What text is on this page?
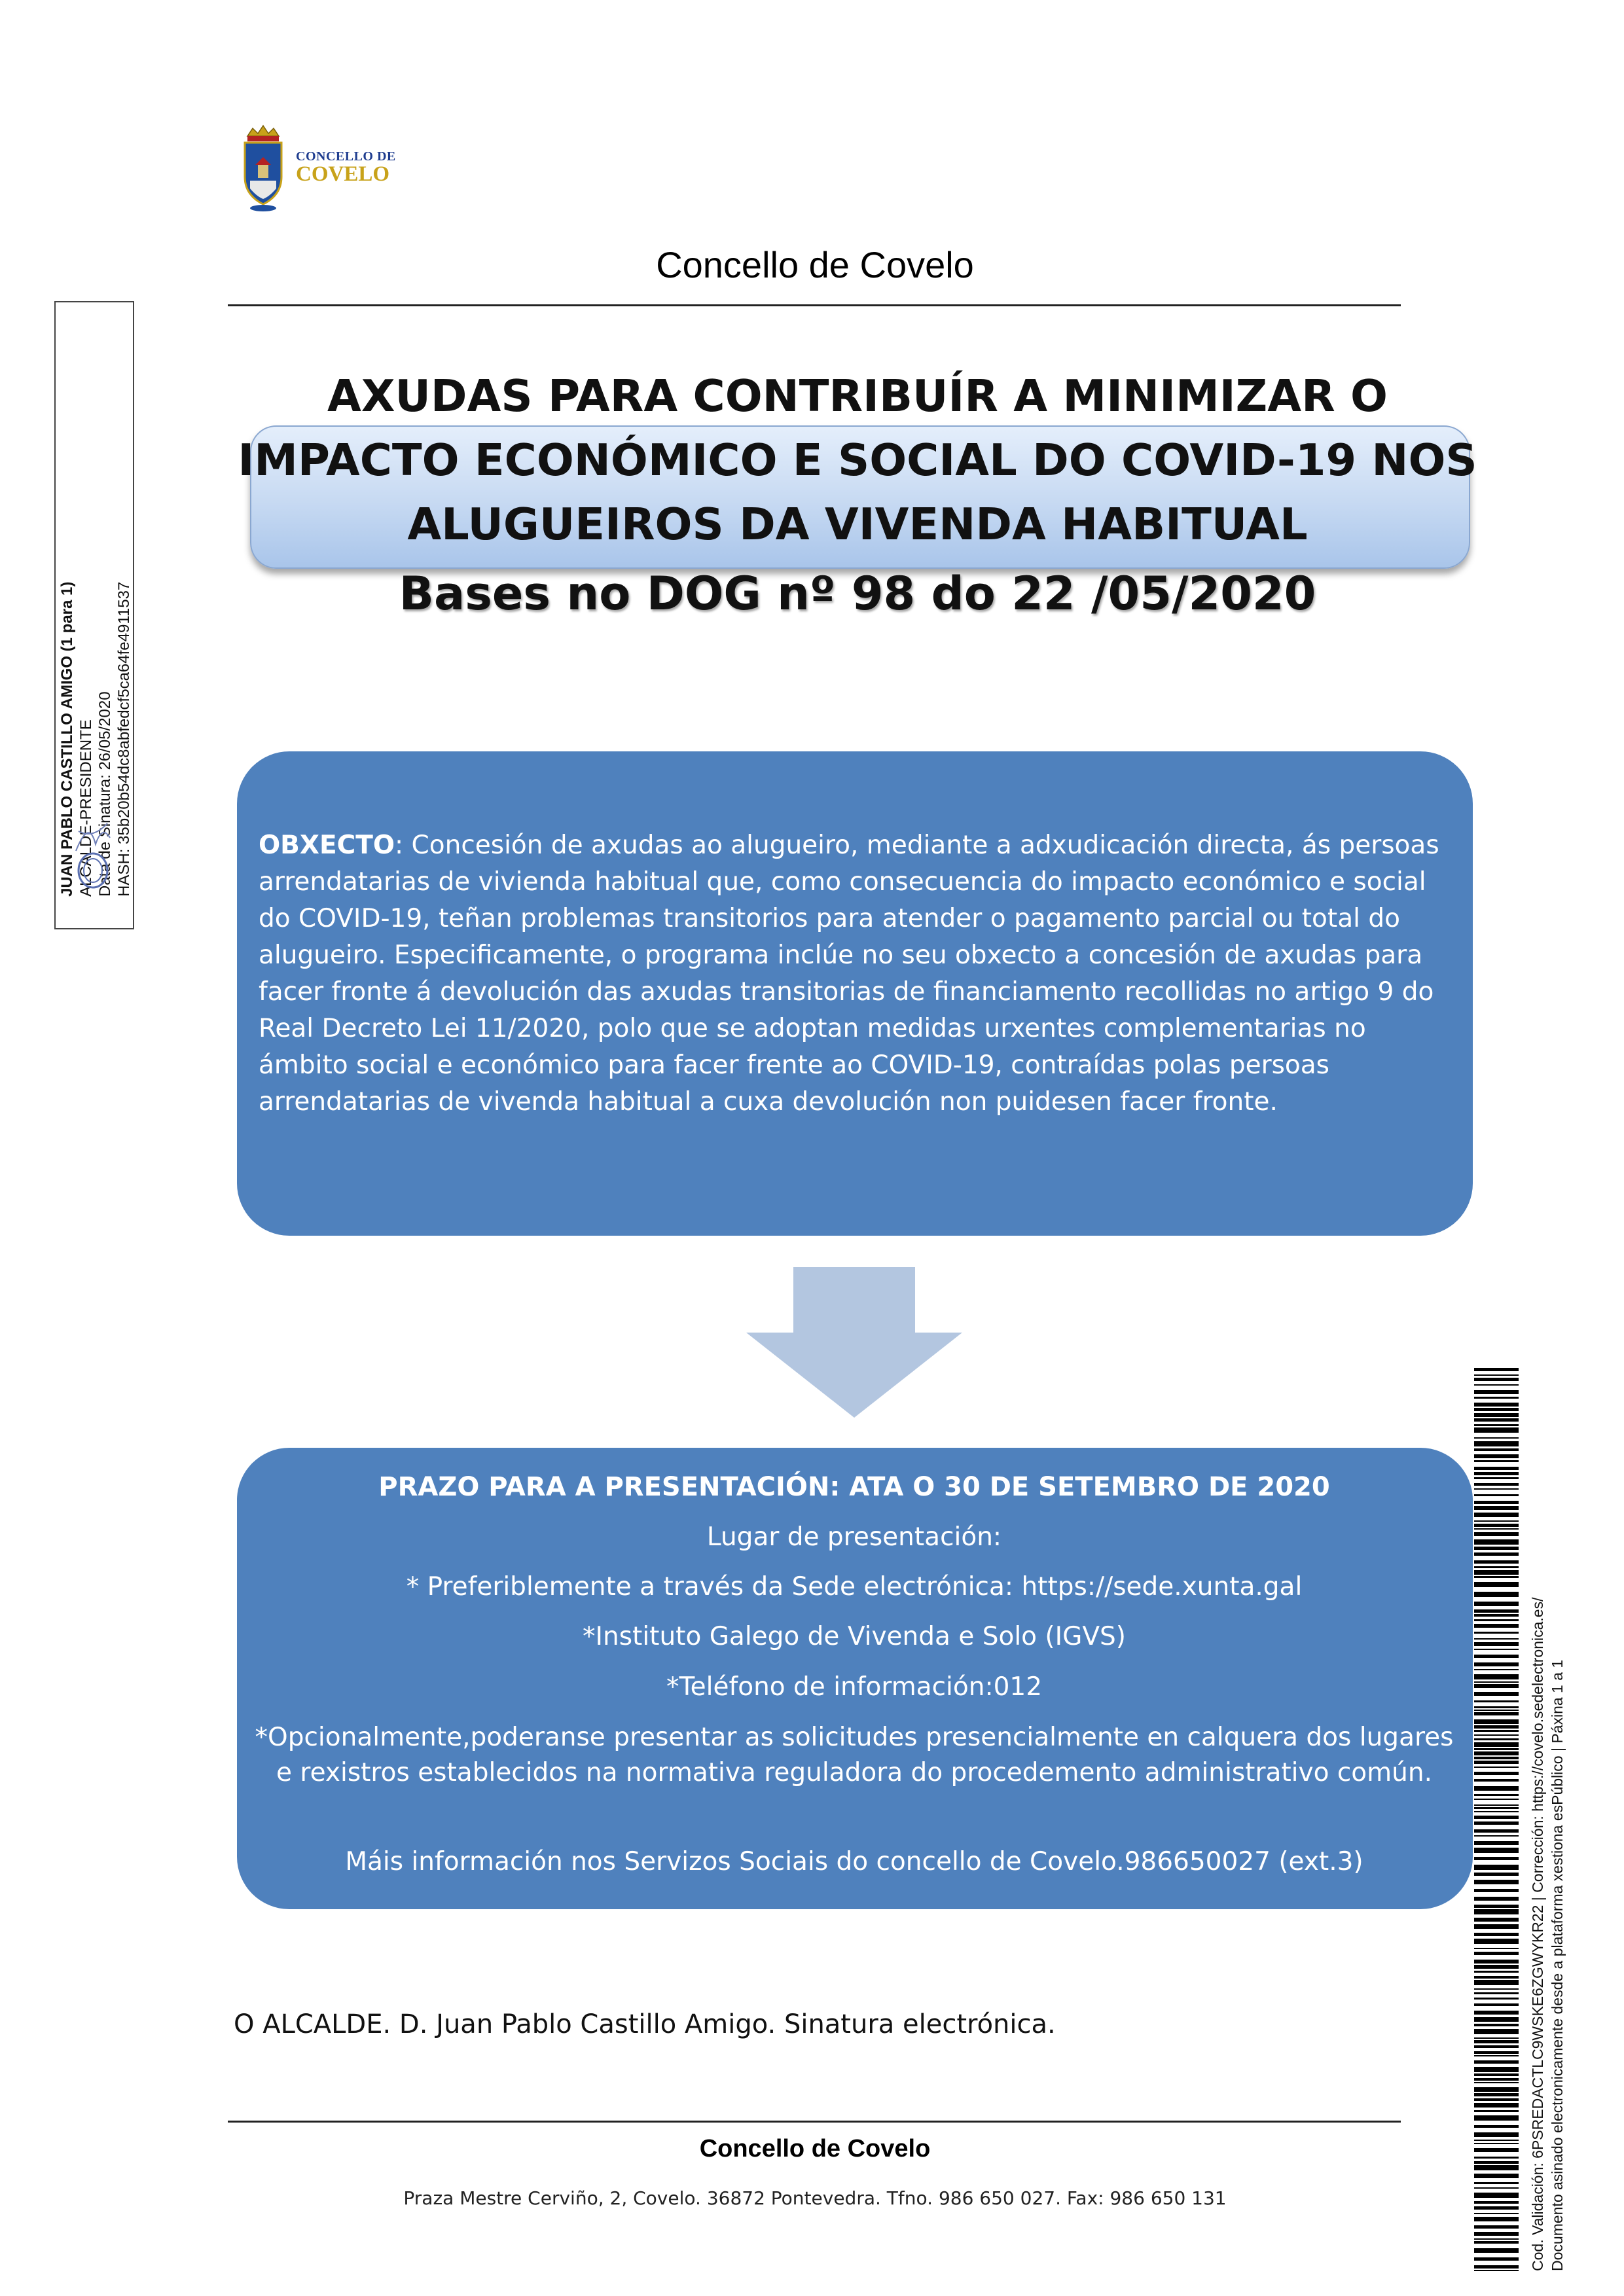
CONCELLO DE
COVELO
Concello de Covelo
AXUDAS PARA CONTRIBUÍR A MINIMIZAR O
IMPACTO ECONÓMICO E SOCIAL DO COVID-19 NOS
ALUGUEIROS DA VIVENDA HABITUAL
Bases no DOG nº 98 do 22 /05/2020
JUAN PABLO CASTILLO AMIGO (1 para 1) ALCALDE-PRESIDENTE Data de Sinatura: 26/05/2020 HASH: 35b20b54dc8abfedcf5ca64fe4911537	OBXECTO: Concesión de axudas ao alugueiro, mediante a adxudicación directa, ás persoas arrendatarias de vivienda habitual que, como consecuencia do impacto económico e social do COVID-19, teñan problemas transitorios para atender o pagamento parcial ou total do alugueiro. Especificamente, o programa inclúe no seu obxecto a concesión de axudas para facer fronte á devolución das axudas transitorias de financiamento recollidas no artigo 9 do Real Decreto Lei 11/2020, polo que se adoptan medidas urxentes complementarias no ámbito social e económico para facer frente ao COVID-19, contraídas polas persoas arrendatarias de vivenda habitual a cuxa devolución non puidesen facer fronte.

PRAZO PARA A PRESENTACIÓN: ATA O 30 DE SETEMBRO DE 2020
Lugar de presentación:
* Preferiblemente a través da Sede electrónica: https://sede.xunta.gal
*Instituto Galego de Vivenda e Solo (IGVS)
*Teléfono de información:012
*Opcionalmente,poderanse presentar as solicitudes presencialmente en calquera dos lugares e rexistros establecidos na normativa reguladora do procedemento administrativo común.
Máis información nos Servizos Sociais do concello de Covelo.986650027 (ext.3)
O ALCALDE. D. Juan Pablo Castillo Amigo. Sinatura electrónica.
Concello de Covelo
Praza Mestre Cerviño, 2, Covelo. 36872 Pontevedra. Tfno. 986 650 027. Fax: 986 650 131	Cod. Validación: 6PSREDACTLC9WSKE6ZGWYKR22 | Corrección: https://covelo.sedelectronica.es/ Documento asinado electronicamente desde a plataforma xestiona esPúblico | Páxina 1 a 1
